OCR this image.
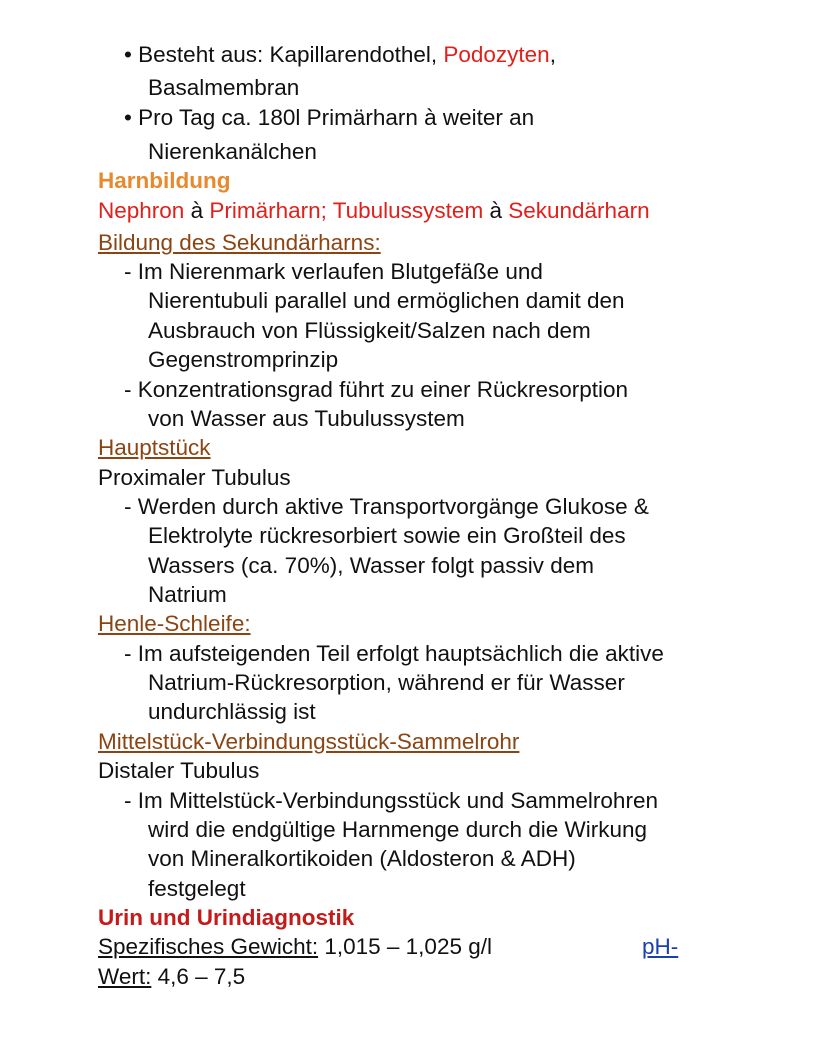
• Besteht aus: Kapillarendothel, Podozyten,
Basalmembran
• Pro Tag ca. 180l Primärharn à weiter an
Nierenkanälchen
Harnbildung
Nephron à Primärharn; Tubulussystem à Sekundärharn
Bildung des Sekundärharns:
- Im Nierenmark verlaufen Blutgefäße und
Nierentubuli parallel und ermöglichen damit den
Ausbrauch von Flüssigkeit/Salzen nach dem
Gegenstromprinzip
- Konzentrationsgrad führt zu einer Rückresorption
von Wasser aus Tubulussystem
Hauptstück
Proximaler Tubulus
- Werden durch aktive Transportvorgänge Glukose &
Elektrolyte rückresorbiert sowie ein Großteil des
Wassers (ca. 70%), Wasser folgt passiv dem
Natrium
Henle-Schleife:
- Im aufsteigenden Teil erfolgt hauptsächlich die aktive
Natrium-Rückresorption, während er für Wasser
undurchlässig ist
Mittelstück-Verbindungsstück-Sammelrohr
Distaler Tubulus
- Im Mittelstück-Verbindungsstück und Sammelrohren
wird die endgültige Harnmenge durch die Wirkung
von Mineralkortikoiden (Aldosteron & ADH)
festgelegt
Urin und Urindiagnostik
Spezifisches Gewicht: 1,015 – 1,025 g/l	pH-
Wert: 4,6 – 7,5
